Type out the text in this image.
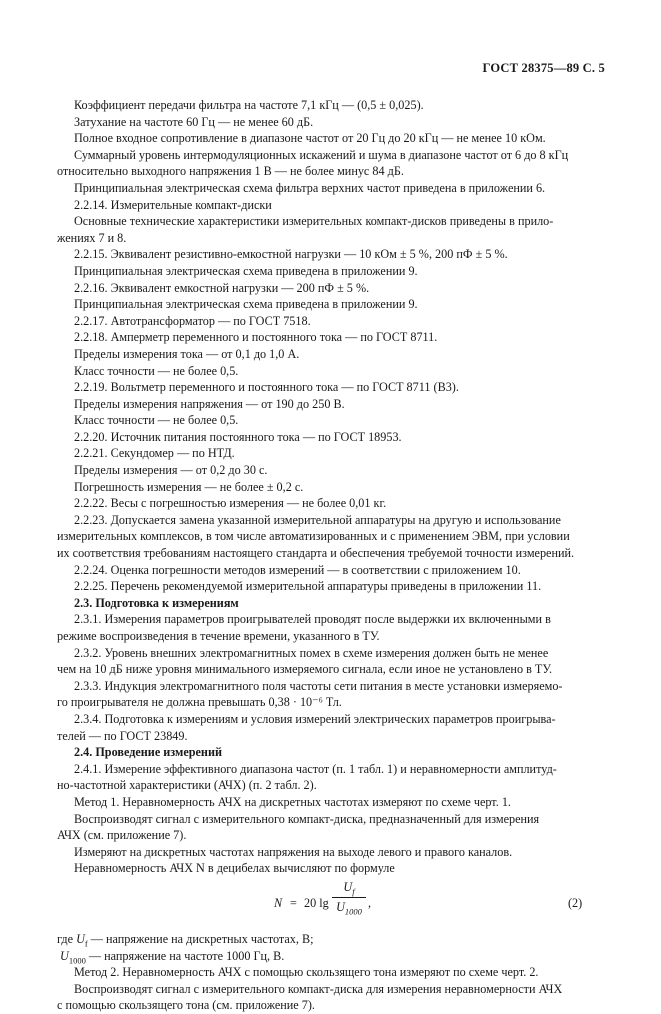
ГОСТ 28375—89 С. 5
Коэффициент передачи фильтра на частоте 7,1 кГц — (0,5 ± 0,025).
Затухание на частоте 60 Гц — не менее 60 дБ.
Полное входное сопротивление в диапазоне частот от 20 Гц до 20 кГц — не менее 10 кОм.
Суммарный уровень интермодуляционных искажений и шума в диапазоне частот от 6 до 8 кГц
относительно выходного напряжения 1 В — не более минус 84 дБ.
Принципиальная электрическая схема фильтра верхних частот приведена в приложении 6.
2.2.14. Измерительные компакт-диски
Основные технические характеристики измерительных компакт-дисков приведены в прило-
жениях 7 и 8.
2.2.15. Эквивалент резистивно-емкостной нагрузки — 10 кОм ± 5 %, 200 пФ ± 5 %.
Принципиальная электрическая схема приведена в приложении 9.
2.2.16. Эквивалент емкостной нагрузки — 200 пФ ± 5 %.
Принципиальная электрическая схема приведена в приложении 9.
2.2.17. Автотрансформатор — по ГОСТ 7518.
2.2.18. Амперметр переменного и постоянного тока — по ГОСТ 8711.
Пределы измерения тока — от 0,1 до 1,0 А.
Класс точности — не более 0,5.
2.2.19. Вольтметр переменного и постоянного тока — по ГОСТ 8711 (В3).
Пределы измерения напряжения — от 190 до 250 В.
Класс точности — не более 0,5.
2.2.20. Источник питания постоянного тока — по ГОСТ 18953.
2.2.21. Секундомер — по НТД.
Пределы измерения — от 0,2 до 30 с.
Погрешность измерения — не более ± 0,2 с.
2.2.22. Весы с погрешностью измерения — не более 0,01 кг.
2.2.23. Допускается замена указанной измерительной аппаратуры на другую и использование
измерительных комплексов, в том числе автоматизированных и с применением ЭВМ, при условии
их соответствия требованиям настоящего стандарта и обеспечения требуемой точности измерений.
2.2.24. Оценка погрешности методов измерений — в соответствии с приложением 10.
2.2.25. Перечень рекомендуемой измерительной аппаратуры приведены в приложении 11.
2.3. Подготовка к измерениям
2.3.1. Измерения параметров проигрывателей проводят после выдержки их включенными в
режиме воспроизведения в течение времени, указанного в ТУ.
2.3.2. Уровень внешних электромагнитных помех в схеме измерения должен быть не менее
чем на 10 дБ ниже уровня минимального измеряемого сигнала, если иное не установлено в ТУ.
2.3.3. Индукция электромагнитного поля частоты сети питания в месте установки измеряемо-
го проигрывателя не должна превышать 0,38 · 10⁻⁶ Тл.
2.3.4. Подготовка к измерениям и условия измерений электрических параметров проигрыва-
телей — по ГОСТ 23849.
2.4. Проведение измерений
2.4.1. Измерение эффективного диапазона частот (п. 1 табл. 1) и неравномерности амплитуд-
но-частотной характеристики (АЧХ) (п. 2 табл. 2).
Метод 1. Неравномерность АЧХ на дискретных частотах измеряют по схеме черт. 1.
Воспроизводят сигнал с измерительного компакт-диска, предназначенный для измерения
АЧХ (см. приложение 7).
Измеряют на дискретных частотах напряжения на выходе левого и правого каналов.
Неравномерность АЧХ N в децибелах вычисляют по формуле
N = 20 lg
$U_f$
$U_{1000}$
,	(2)
где $U_f$ — напряжение на дискретных частотах, В;
$U_{1000}$ — напряжение на частоте 1000 Гц, В.
Метод 2. Неравномерность АЧХ с помощью скользящего тона измеряют по схеме черт. 2.
Воспроизводят сигнал с измерительного компакт-диска для измерения неравномерности АЧХ
с помощью скользящего тона (см. приложение 7).
